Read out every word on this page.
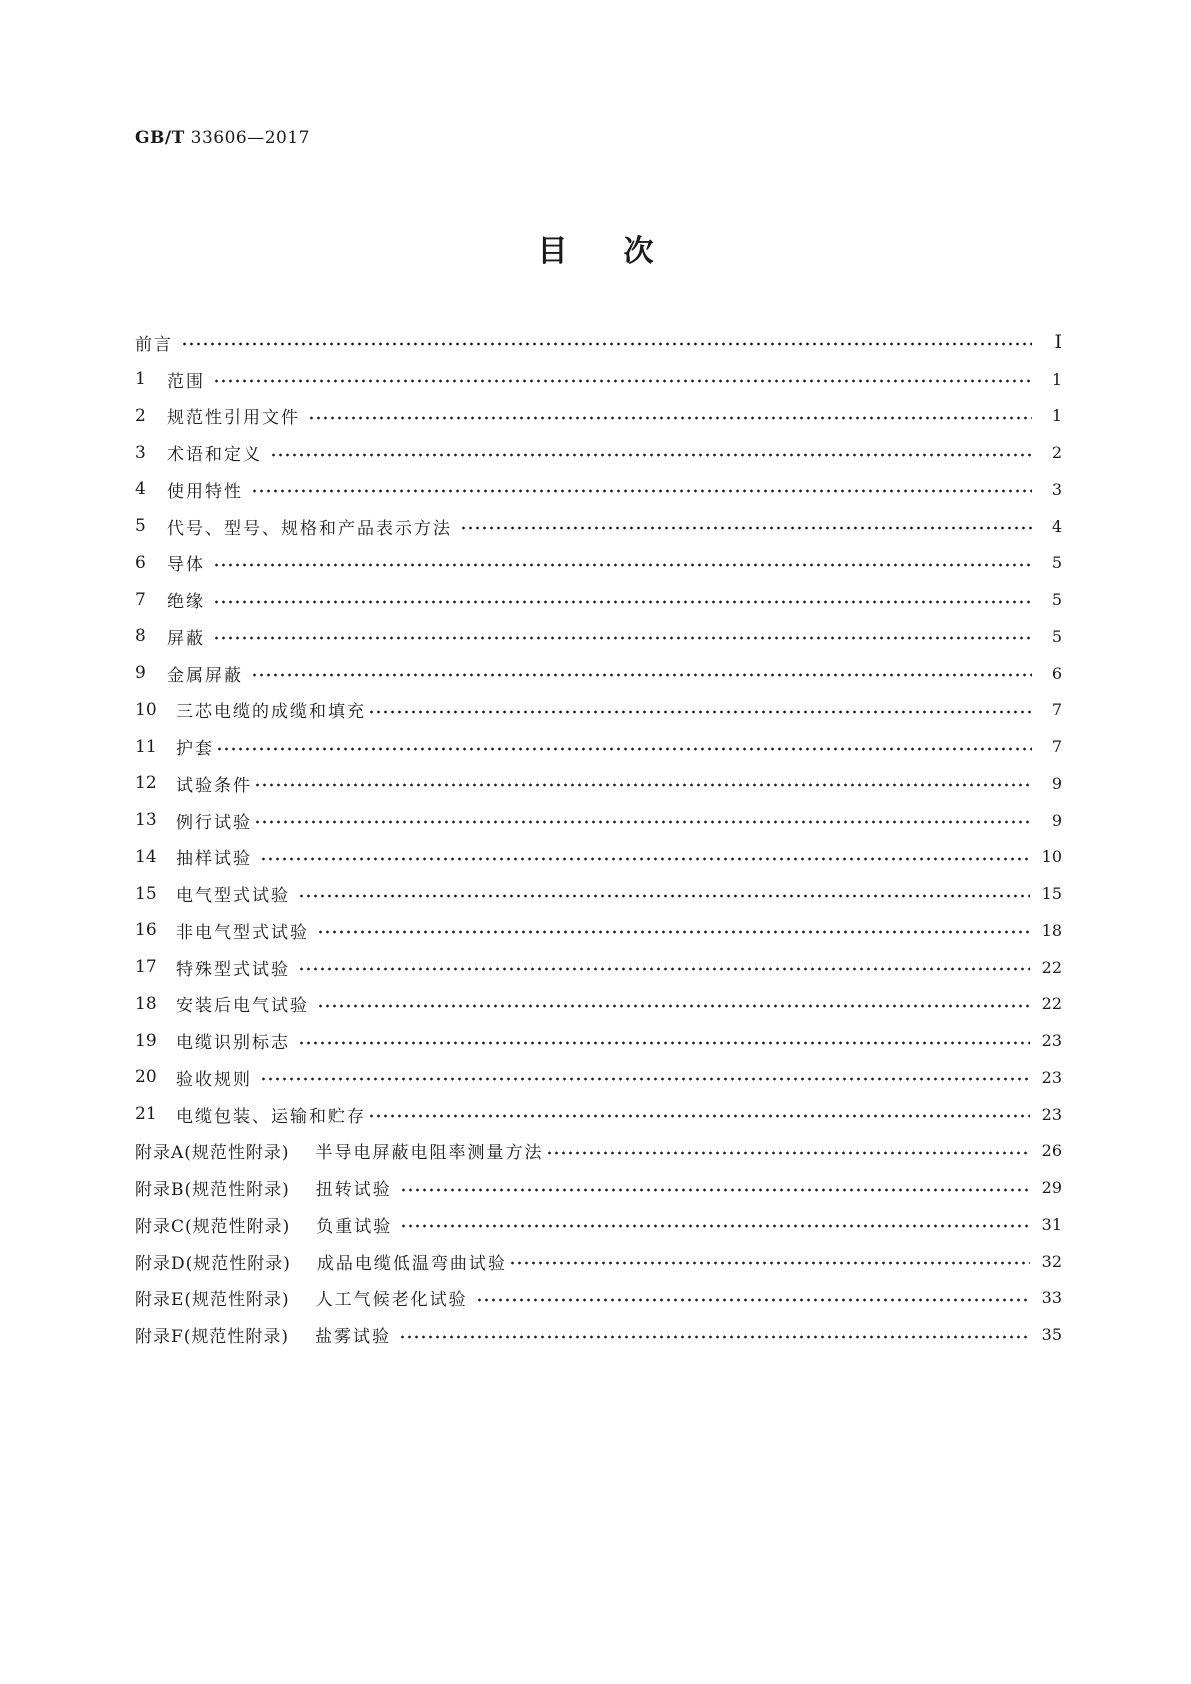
GB/T 33606—2017
目次
前言	Ⅰ
1	范围	1
2	规范性引用文件	1
3	术语和定义	2
4	使用特性	3
5	代号、型号、规格和产品表示方法	4
6	导体	5
7	绝缘	5
8	屏蔽	5
9	金属屏蔽	6
10	三芯电缆的成缆和填充	7
11	护套	7
12	试验条件	9
13	例行试验	9
14	抽样试验	10
15	电气型式试验	15
16	非电气型式试验	18
17	特殊型式试验	22
18	安装后电气试验	22
19	电缆识别标志	23
20	验收规则	23
21	电缆包装、运输和贮存	23
附录A(规范性附录) 半导电屏蔽电阻率测量方法	26
附录B(规范性附录) 扭转试验	29
附录C(规范性附录) 负重试验	31
附录D(规范性附录) 成品电缆低温弯曲试验	32
附录E(规范性附录) 人工气候老化试验	33
附录F(规范性附录) 盐雾试验	35
